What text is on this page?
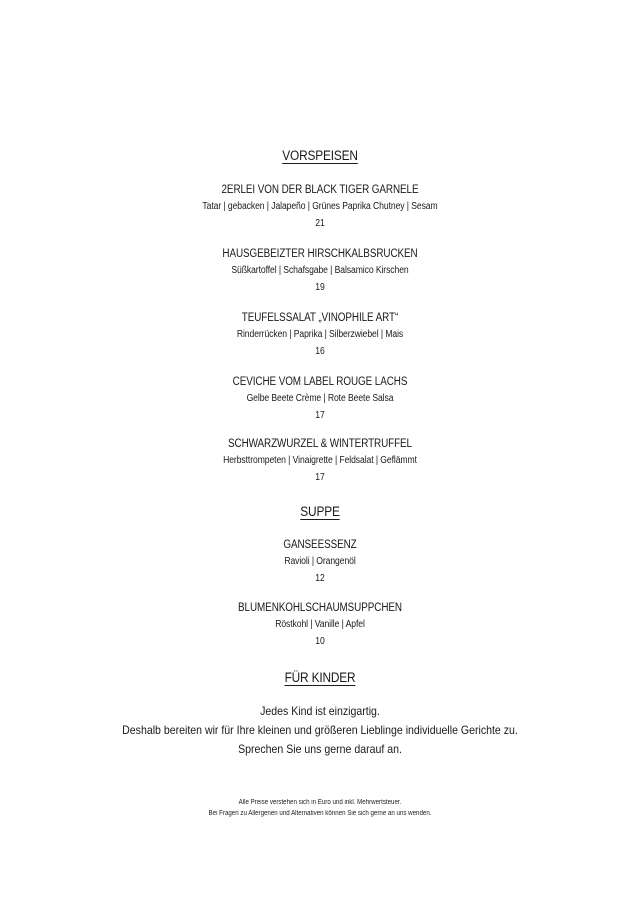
VORSPEISEN
2ERLEI VON DER BLACK TIGER GARNELE
Tatar | gebacken | Jalapeño | Grünes Paprika Chutney | Sesam
21
HAUSGEBEIZTER HIRSCHKALBSRÜCKEN
Süßkartoffel | Schafsgabe | Balsamico Kirschen
19
TEUFELSSALAT „VINOPHILE ART“
Rinderrücken | Paprika | Silberzwiebel | Mais
16
CEVICHE VOM LABEL ROUGE LACHS
Gelbe Beete Crème | Rote Beete Salsa
17
SCHWARZWURZEL & WINTERTRÜFFEL
Herbsttrompeten | Vinaigrette | Feldsalat | Geflämmt
17
SUPPE
GÄNSEESSENZ
Ravioli | Orangenöl
12
BLUMENKOHLSCHAUMSÜPPCHEN
Röstkohl | Vanille | Apfel
10
FÜR KINDER
Jedes Kind ist einzigartig.
Deshalb bereiten wir für Ihre kleinen und größeren Lieblinge individuelle Gerichte zu.
Sprechen Sie uns gerne darauf an.
Alle Preise verstehen sich in Euro und inkl. Mehrwertsteuer.
Bei Fragen zu Allergenen und Alternativen können Sie sich gerne an uns wenden.
